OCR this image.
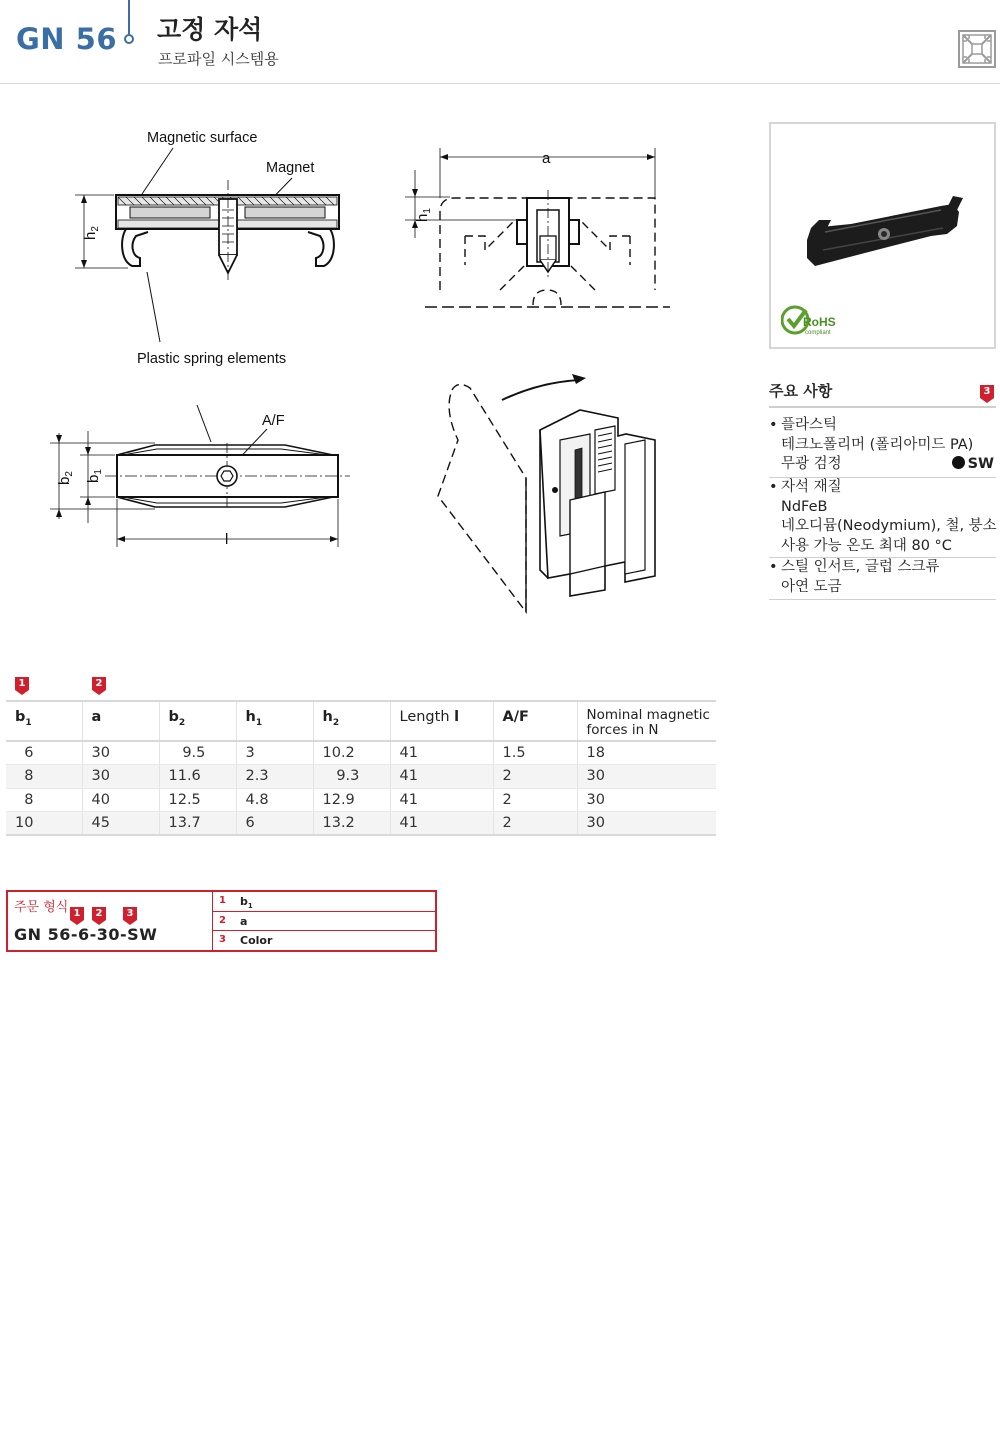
GN 56 고정 자석
프로파일 시스템용
Magnetic surface
Magnet
$h_2$
Plastic spring elements
a
$h_1$
A/F
$b_2$
$b_1$
l
RoHS
compliant
주요 사항	3
• 플라스틱
테크노폴리머 (폴리아미드 PA)
무광 검정	SW
• 자석 재질
NdFeB
네오디뮴(Neodymium), 철, 붕소
사용 가능 온도 최대 80 °C
• 스틸 인서트, 글럽 스크류
아연 도금
1	2
$b_1$	a	$b_2$	$h_1$	$h_2$	Length l	A/F	Nominal magnetic forces in N
6	30	9.5	3	10.2	41	1.5	18
8	30	11.6	2.3	9.3	41	2	30
8	40	12.5	4.8	12.9	41	2	30
10	45	13.7	6	13.2	41	2	30
주문 형식 1	2	3
GN 56-6-30-SW
1 $b_1$
2 a
3 Color
